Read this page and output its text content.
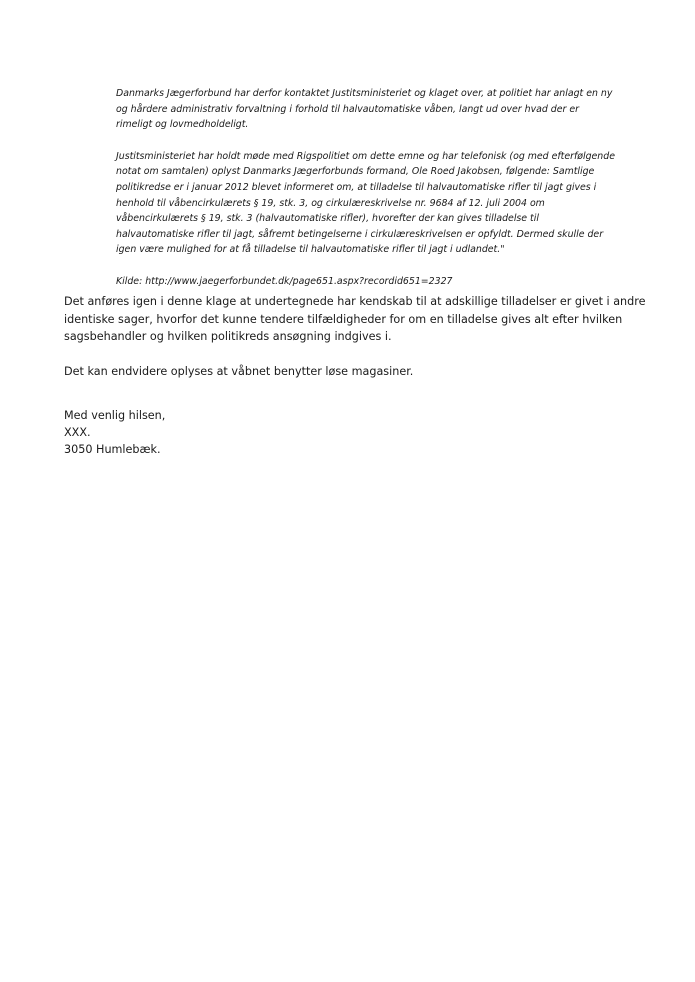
Danmarks Jægerforbund har derfor kontaktet Justitsministeriet og klaget over, at politiet har anlagt en ny
og hårdere administrativ forvaltning i forhold til halvautomatiske våben, langt ud over hvad der er
rimeligt og lovmedholdeligt.

Justitsministeriet har holdt møde med Rigspolitiet om dette emne og har telefonisk (og med efterfølgende
notat om samtalen) oplyst Danmarks Jægerforbunds formand, Ole Roed Jakobsen, følgende: Samtlige
politikredse er i januar 2012 blevet informeret om, at tilladelse til halvautomatiske rifler til jagt gives i
henhold til våbencirkulærets § 19, stk. 3, og cirkulæreskrivelse nr. 9684 af 12. juli 2004 om
våbencirkulærets § 19, stk. 3 (halvautomatiske rifler), hvorefter der kan gives tilladelse til
halvautomatiske rifler til jagt, såfremt betingelserne i cirkulæreskrivelsen er opfyldt. Dermed skulle der
igen være mulighed for at få tilladelse til halvautomatiske rifler til jagt i udlandet."

Kilde: http://www.jaegerforbundet.dk/page651.aspx?recordid651=2327

Det anføres igen i denne klage at undertegnede har kendskab til at adskillige tilladelser er givet i andre
identiske sager, hvorfor det kunne tendere tilfældigheder for om en tilladelse gives alt efter hvilken
sagsbehandler og hvilken politikreds ansøgning indgives i.

Det kan endvidere oplyses at våbnet benytter løse magasiner.

Med venlig hilsen,
XXX.
3050 Humlebæk.
